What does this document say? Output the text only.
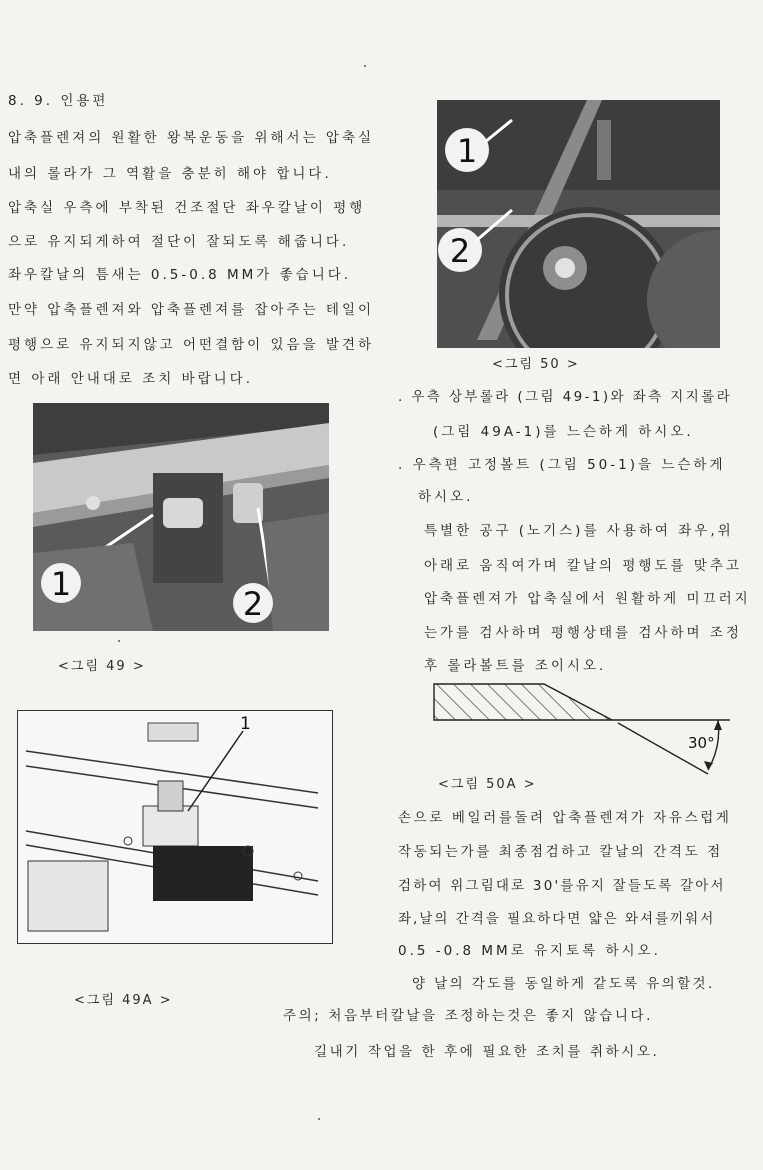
8. 9. 인용편
압축플렌져의 원활한 왕복운동을 위해서는 압축실
내의 롤라가 그 역활을 충분히 해야 합니다.
압축실 우측에 부착된 건조절단 좌우칼날이 평행
으로 유지되게하여 절단이 잘되도록 해줍니다.
좌우칼날의 틈새는 0.5-0.8 MM가 좋습니다.
만약 압축플렌져와 압축플렌져를 잡아주는 테일이
평행으로 유지되지않고 어떤결함이 있음을 발견하
면 아래 안내대로 조치 바랍니다.
1
2
<그림 49 >
1
<그림 49A >
1
2
<그림 50 >
. 우측 상부롤라 (그림 49-1)와 좌측 지지롤라
(그림 49A-1)를 느슨하게 하시오.
. 우측편 고정볼트 (그림 50-1)을 느슨하게
하시오.
특별한 공구 (노기스)를 사용하여 좌우,위
아래로 움직여가며 칼날의 평행도를 맞추고
압축플렌져가 압축실에서 원활하게 미끄러지
는가를 검사하며 평행상태를 검사하며 조정
후 롤라볼트를 조이시오.
30°
<그림 50A >
손으로 베일러를돌려 압축플렌져가 자유스럽게
작동되는가를 최종점검하고 칼날의 간격도 점
검하여 위그림대로 30'를유지 잘들도록 갈아서
좌,날의 간격을 필요하다면 얇은 와셔를끼워서
0.5 -0.8 MM로 유지토록 하시오.
양 날의 각도를 동일하게 같도록 유의할것.
주의; 처음부터칼날을 조정하는것은 좋지 않습니다.
길내기 작업을 한 후에 필요한 조치를 취하시오.
